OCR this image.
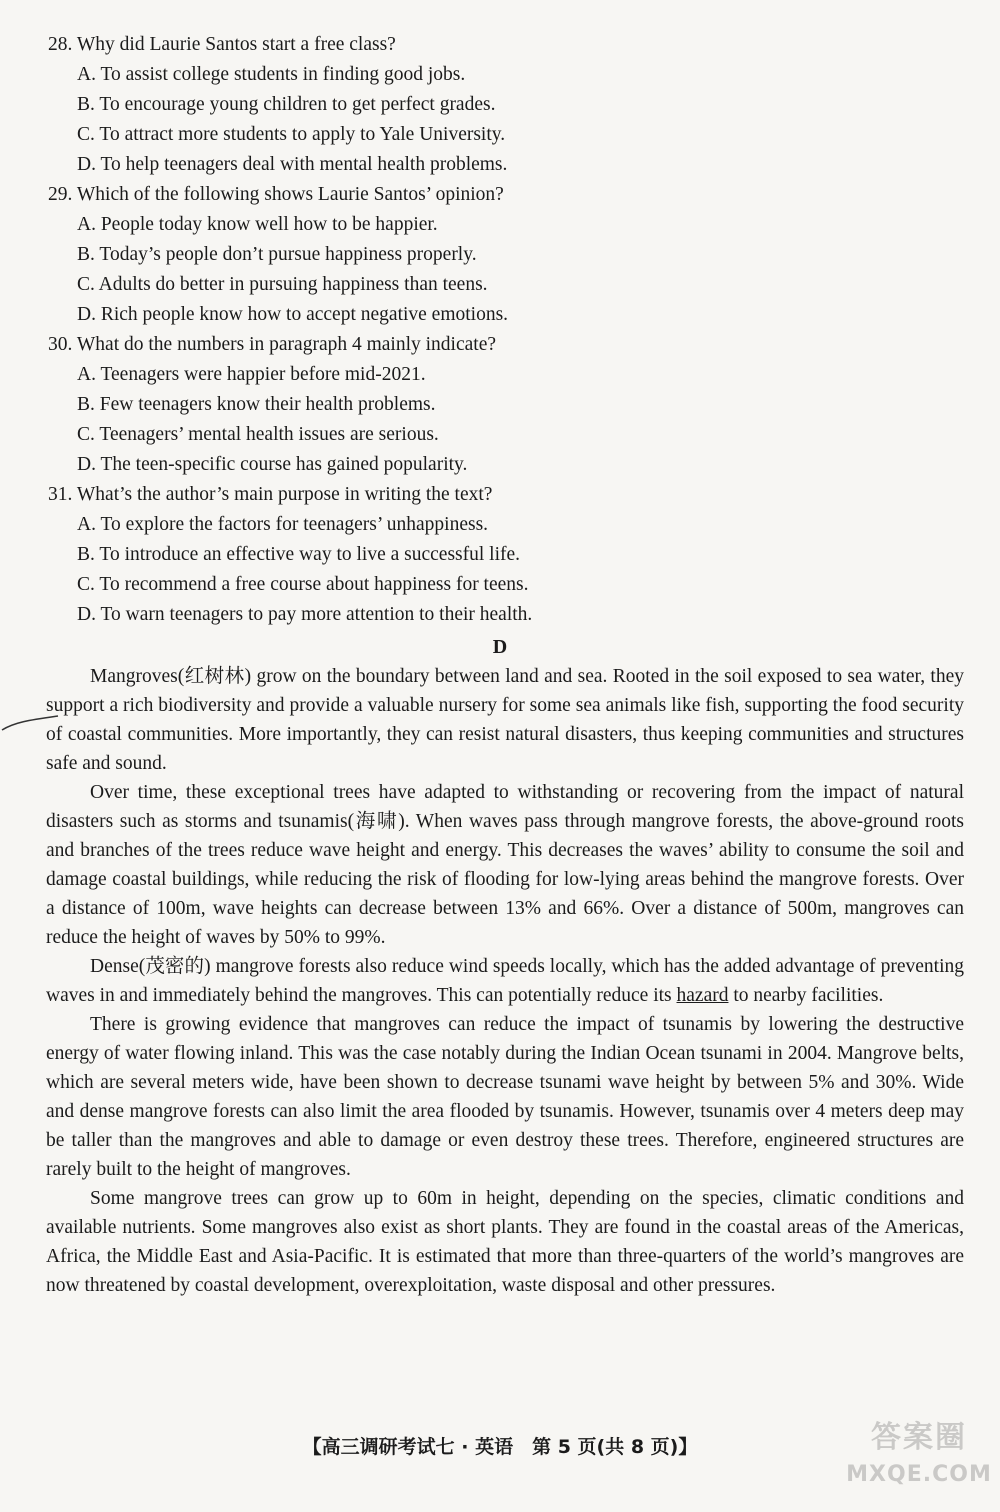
28. Why did Laurie Santos start a free class?
A. To assist college students in finding good jobs.
B. To encourage young children to get perfect grades.
C. To attract more students to apply to Yale University.
D. To help teenagers deal with mental health problems.
29. Which of the following shows Laurie Santos’ opinion?
A. People today know well how to be happier.
B. Today’s people don’t pursue happiness properly.
C. Adults do better in pursuing happiness than teens.
D. Rich people know how to accept negative emotions.
30. What do the numbers in paragraph 4 mainly indicate?
A. Teenagers were happier before mid-2021.
B. Few teenagers know their health problems.
C. Teenagers’ mental health issues are serious.
D. The teen-specific course has gained popularity.
31. What’s the author’s main purpose in writing the text?
A. To explore the factors for teenagers’ unhappiness.
B. To introduce an effective way to live a successful life.
C. To recommend a free course about happiness for teens.
D. To warn teenagers to pay more attention to their health.
D

Mangroves(红树林) grow on the boundary between land and sea. Rooted in the soil exposed to sea water, they support a rich biodiversity and provide a valuable nursery for some sea animals like fish, supporting the food security of coastal communities. More importantly, they can resist natural disasters, thus keeping communities and structures safe and sound.

Over time, these exceptional trees have adapted to withstanding or recovering from the impact of natural disasters such as storms and tsunamis(海啸). When waves pass through mangrove forests, the above-ground roots and branches of the trees reduce wave height and energy. This decreases the waves’ ability to consume the soil and damage coastal buildings, while reducing the risk of flooding for low-lying areas behind the mangrove forests. Over a distance of 100m, wave heights can decrease between 13% and 66%. Over a distance of 500m, mangroves can reduce the height of waves by 50% to 99%.

Dense(茂密的) mangrove forests also reduce wind speeds locally, which has the added advantage of preventing waves in and immediately behind the mangroves. This can potentially reduce its hazard to nearby facilities.

There is growing evidence that mangroves can reduce the impact of tsunamis by lowering the destructive energy of water flowing inland. This was the case notably during the Indian Ocean tsunami in 2004. Mangrove belts, which are several meters wide, have been shown to decrease tsunami wave height by between 5% and 30%. Wide and dense mangrove forests can also limit the area flooded by tsunamis. However, tsunamis over 4 meters deep may be taller than the mangroves and able to damage or even destroy these trees. Therefore, engineered structures are rarely built to the height of mangroves.

Some mangrove trees can grow up to 60m in height, depending on the species, climatic conditions and available nutrients. Some mangroves also exist as short plants. They are found in the coastal areas of the Americas, Africa, the Middle East and Asia-Pacific. It is estimated that more than three-quarters of the world’s mangroves are now threatened by coastal development, overexploitation, waste disposal and other pressures.

【高三调研考试七 · 英语　第 5 页(共 8 页)】	答案圈
MXQE.COM
